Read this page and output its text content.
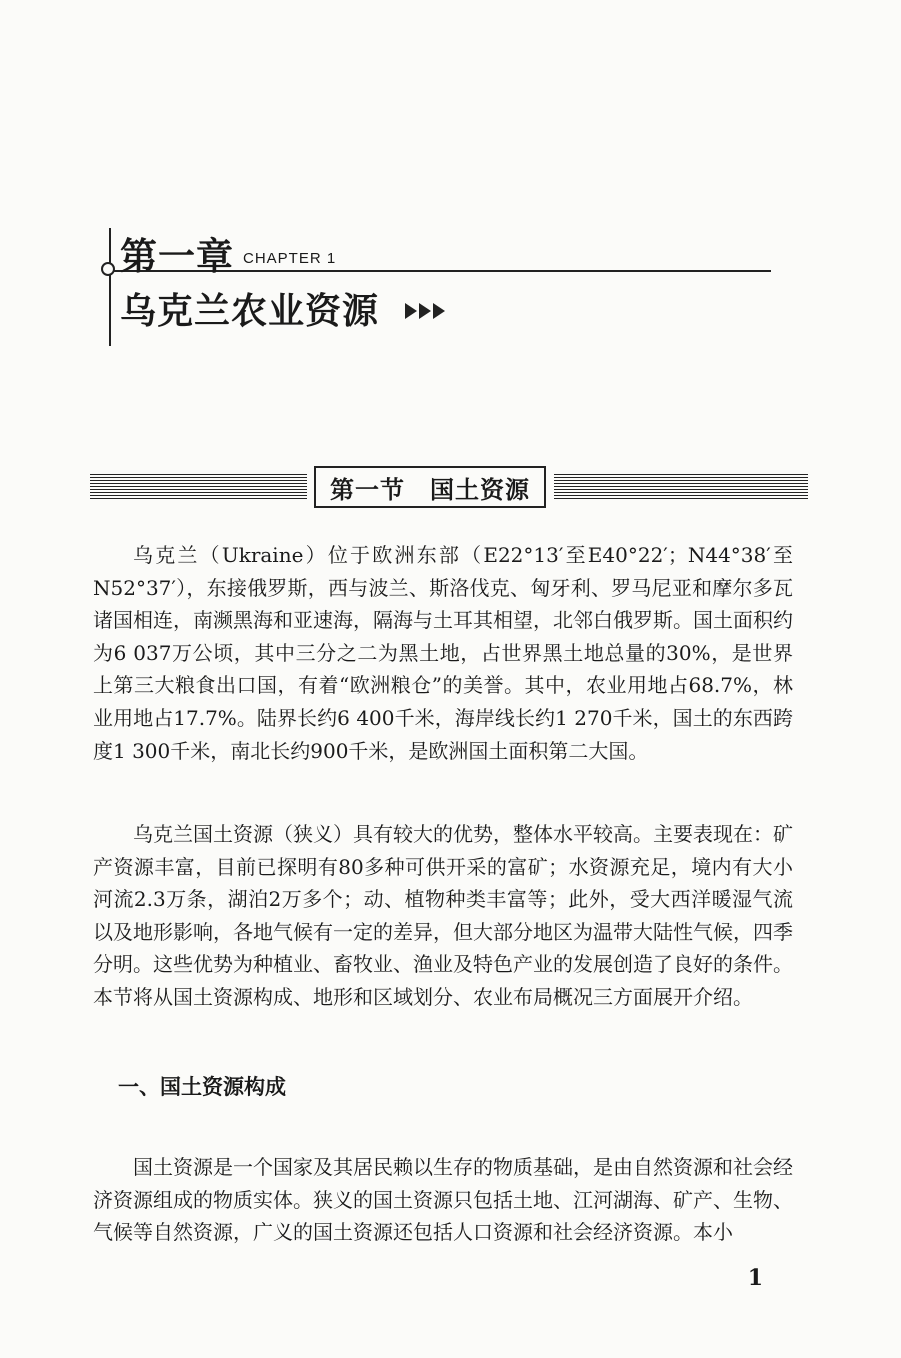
第一章 CHAPTER 1
乌克兰农业资源
第一节　国土资源

乌克兰（Ukraine）位于欧洲东部（E22°13′至E40°22′；N44°38′至N52°37′），东接俄罗斯，西与波兰、斯洛伐克、匈牙利、罗马尼亚和摩尔多瓦诸国相连，南濒黑海和亚速海，隔海与土耳其相望，北邻白俄罗斯。国土面积约为6 037万公顷，其中三分之二为黑土地，占世界黑土地总量的30%，是世界上第三大粮食出口国，有着“欧洲粮仓”的美誉。其中，农业用地占68.7%，林业用地占17.7%。陆界长约6 400千米，海岸线长约1 270千米，国土的东西跨度1 300千米，南北长约900千米，是欧洲国土面积第二大国。

乌克兰国土资源（狭义）具有较大的优势，整体水平较高。主要表现在：矿产资源丰富，目前已探明有80多种可供开采的富矿；水资源充足，境内有大小河流2.3万条，湖泊2万多个；动、植物种类丰富等；此外，受大西洋暖湿气流以及地形影响，各地气候有一定的差异，但大部分地区为温带大陆性气候，四季分明。这些优势为种植业、畜牧业、渔业及特色产业的发展创造了良好的条件。本节将从国土资源构成、地形和区域划分、农业布局概况三方面展开介绍。

一、国土资源构成

国土资源是一个国家及其居民赖以生存的物质基础，是由自然资源和社会经济资源组成的物质实体。狭义的国土资源只包括土地、江河湖海、矿产、生物、气候等自然资源，广义的国土资源还包括人口资源和社会经济资源。本小

1
